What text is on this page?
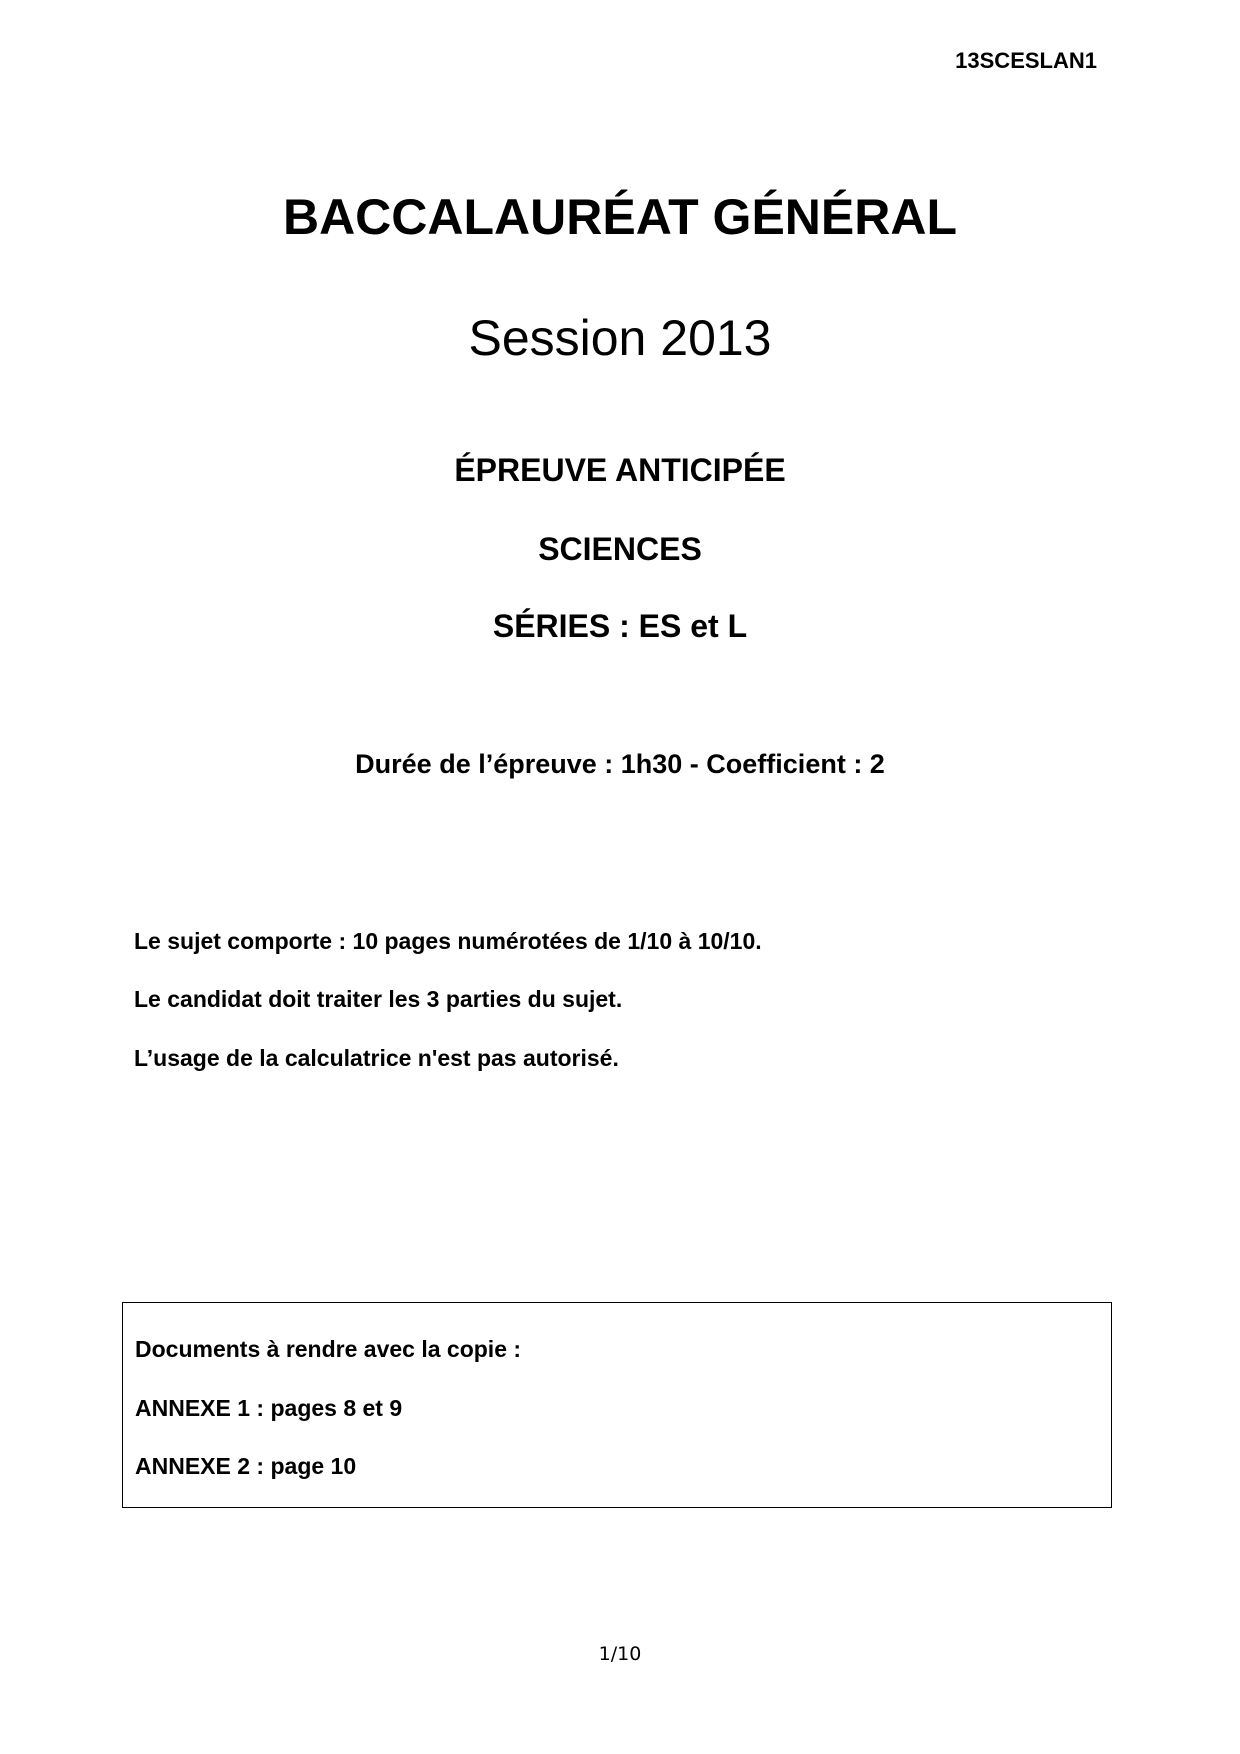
13SCESLAN1
BACCALAURÉAT GÉNÉRAL
Session 2013
ÉPREUVE ANTICIPÉE
SCIENCES
SÉRIES : ES et L
Durée de l’épreuve : 1h30 - Coefficient : 2
Le sujet comporte : 10 pages numérotées de 1/10 à 10/10.
Le candidat doit traiter les 3 parties du sujet.
L’usage de la calculatrice n'est pas autorisé.
Documents à rendre avec la copie :
ANNEXE 1 : pages 8 et 9
ANNEXE 2 : page 10
1/10
